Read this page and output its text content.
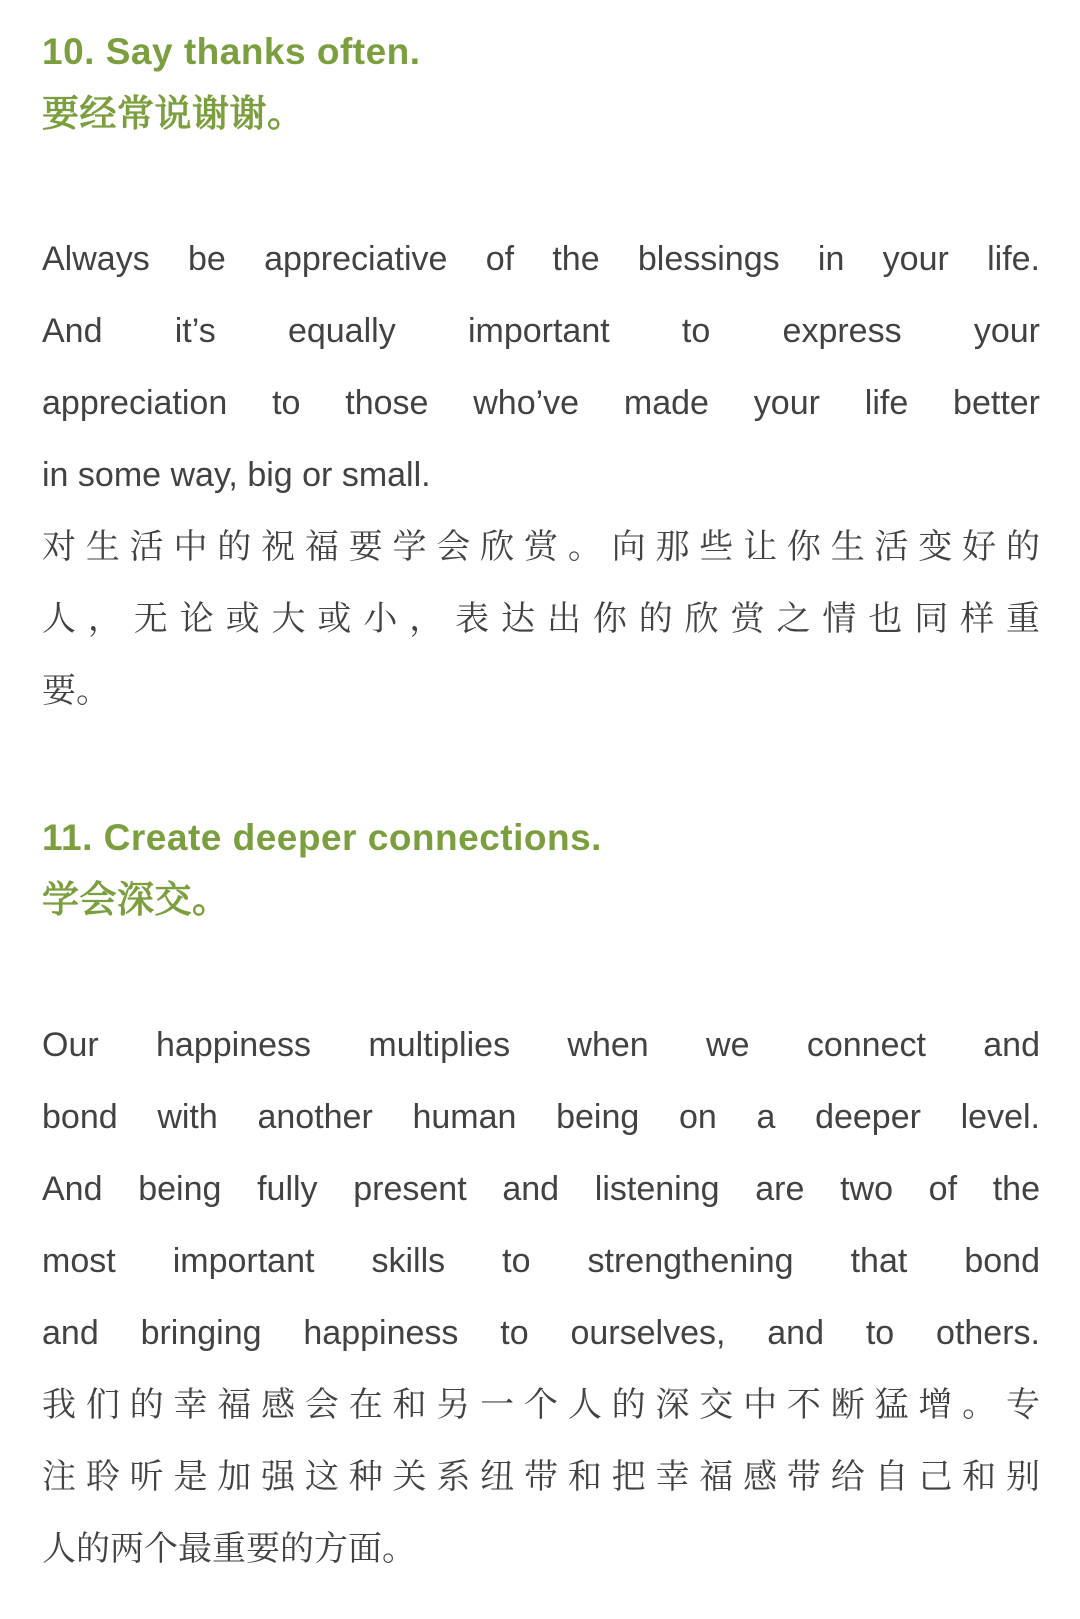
10. Say thanks often.
要经常说谢谢。
Always be appreciative of the blessings in your life.
And it’s equally important to express your
appreciation to those who’ve made your life better
in some way, big or small.
对生活中的祝福要学会欣赏。向那些让你生活变好的
人，无论或大或小，表达出你的欣赏之情也同样重
要。
11. Create deeper connections.
学会深交。
Our happiness multiplies when we connect and
bond with another human being on a deeper level.
And being fully present and listening are two of the
most important skills to strengthening that bond
and bringing happiness to ourselves, and to others.
我们的幸福感会在和另一个人的深交中不断猛增。专
注聆听是加强这种关系纽带和把幸福感带给自己和别
人的两个最重要的方面。
